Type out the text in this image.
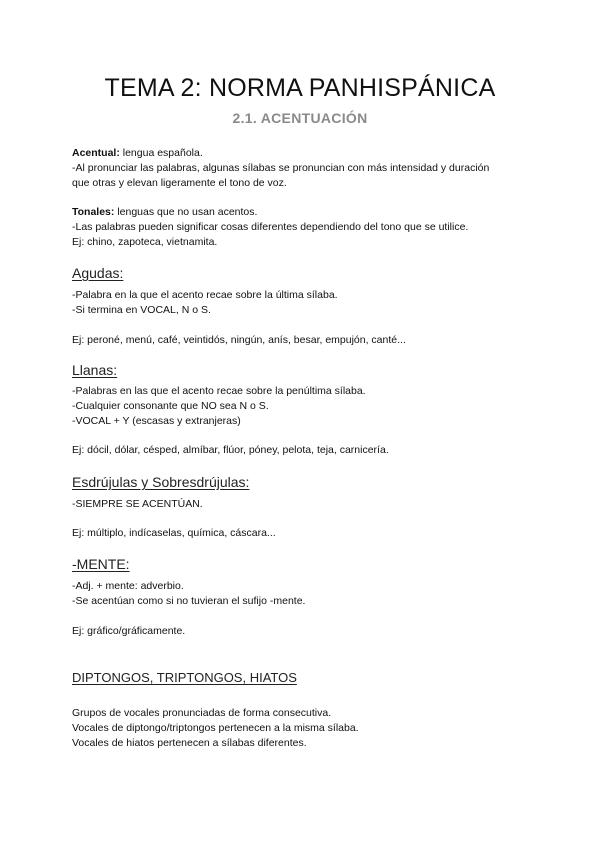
TEMA 2: NORMA PANHISPÁNICA
2.1. ACENTUACIÓN

Acentual: lengua española.

-Al pronunciar las palabras, algunas sílabas se pronuncian con más intensidad y duración

que otras y elevan ligeramente el tono de voz.

Tonales: lenguas que no usan acentos.

-Las palabras pueden significar cosas diferentes dependiendo del tono que se utilice.

Ej: chino, zapoteca, vietnamita.

Agudas:

-Palabra en la que el acento recae sobre la última sílaba.

-Si termina en VOCAL, N o S.

Ej: peroné, menú, café, veintidós, ningún, anís, besar, empujón, canté...

Llanas:

-Palabras en las que el acento recae sobre la penúltima sílaba.

-Cualquier consonante que NO sea N o S.

-VOCAL + Y (escasas y extranjeras)

Ej: dócil, dólar, césped, almíbar, flúor, póney, pelota, teja, carnicería.

Esdrújulas y Sobresdrújulas:

-SIEMPRE SE ACENTÚAN.

Ej: múltiplo, indícaselas, química, cáscara...

-MENTE:

-Adj. + mente: adverbio.

-Se acentúan como si no tuvieran el sufijo -mente.

Ej: gráfico/gráficamente.

DIPTONGOS, TRIPTONGOS, HIATOS

Grupos de vocales pronunciadas de forma consecutiva.

Vocales de diptongo/triptongos pertenecen a la misma sílaba.

Vocales de hiatos pertenecen a sílabas diferentes.
